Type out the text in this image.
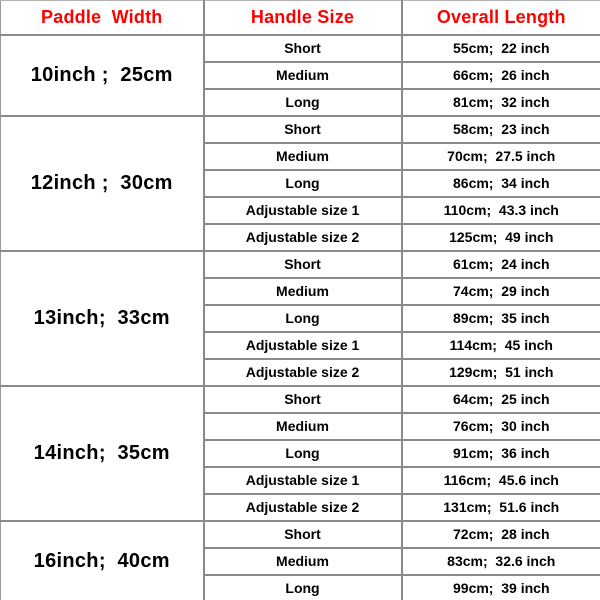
Paddle  Width	Handle Size	Overall Length
10inch ;  25cm	Short	55cm;  22 inch
	Medium	66cm;  26 inch
	Long	81cm;  32 inch
12inch ;  30cm	Short	58cm;  23 inch
	Medium	70cm;  27.5 inch
	Long	86cm;  34 inch
	Adjustable size 1	110cm;  43.3 inch
	Adjustable size 2	125cm;  49 inch
13inch;  33cm	Short	61cm;  24 inch
	Medium	74cm;  29 inch
	Long	89cm;  35 inch
	Adjustable size 1	114cm;  45 inch
	Adjustable size 2	129cm;  51 inch
14inch;  35cm	Short	64cm;  25 inch
	Medium	76cm;  30 inch
	Long	91cm;  36 inch
	Adjustable size 1	116cm;  45.6 inch
	Adjustable size 2	131cm;  51.6 inch
16inch;  40cm	Short	72cm;  28 inch
	Medium	83cm;  32.6 inch
	Long	99cm;  39 inch
